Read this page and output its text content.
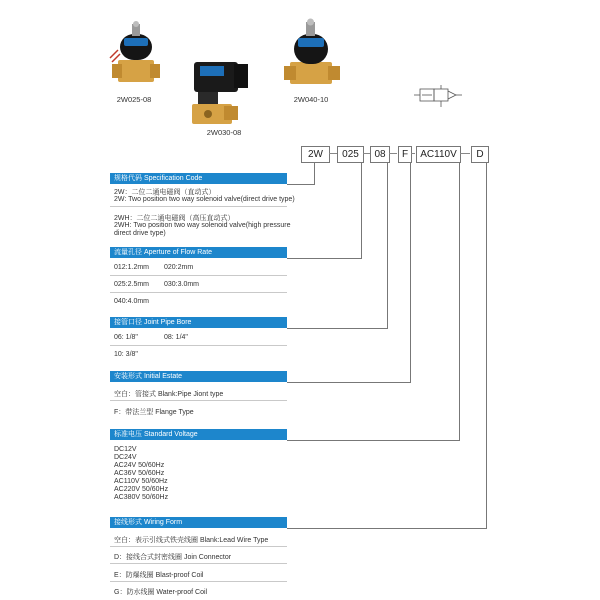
2W025-08
2W030-08
2W040-10
2W	025	08	F	AC110V	D
规格代码 Specification Code
2W：二位二通电磁阀（直动式）
2W: Two position two way solenoid valve(direct drive type)
2WH：二位二通电磁阀（高压直动式）
2WH: Two position two way solenoid valve(high pressure
direct drive type)
流量孔径 Aperture of Flow Rate
012:1.2mm 020:2mm
025:2.5mm 030:3.0mm
040:4.0mm
接管口径 Joint Pipe Bore
06: 1/8"	08: 1/4"
10: 3/8"
安装形式 Initial Estate
空白：管接式 Blank:Pipe Jiont type
F：带法兰型 Flange Type
标准电压 Standard Voltage
DC12V
DC24V
AC24V 50/60Hz
AC36V 50/60Hz
AC110V 50/60Hz
AC220V 50/60Hz
AC380V 50/60Hz
接线形式 Wiring Form
空白：表示引线式铁壳线圈 Blank:Lead Wire Type
D：接线合式封密线圈 Join Connector
E：防爆线圈 Blast-proof Coil
G：防水线圈 Water-proof Coil
